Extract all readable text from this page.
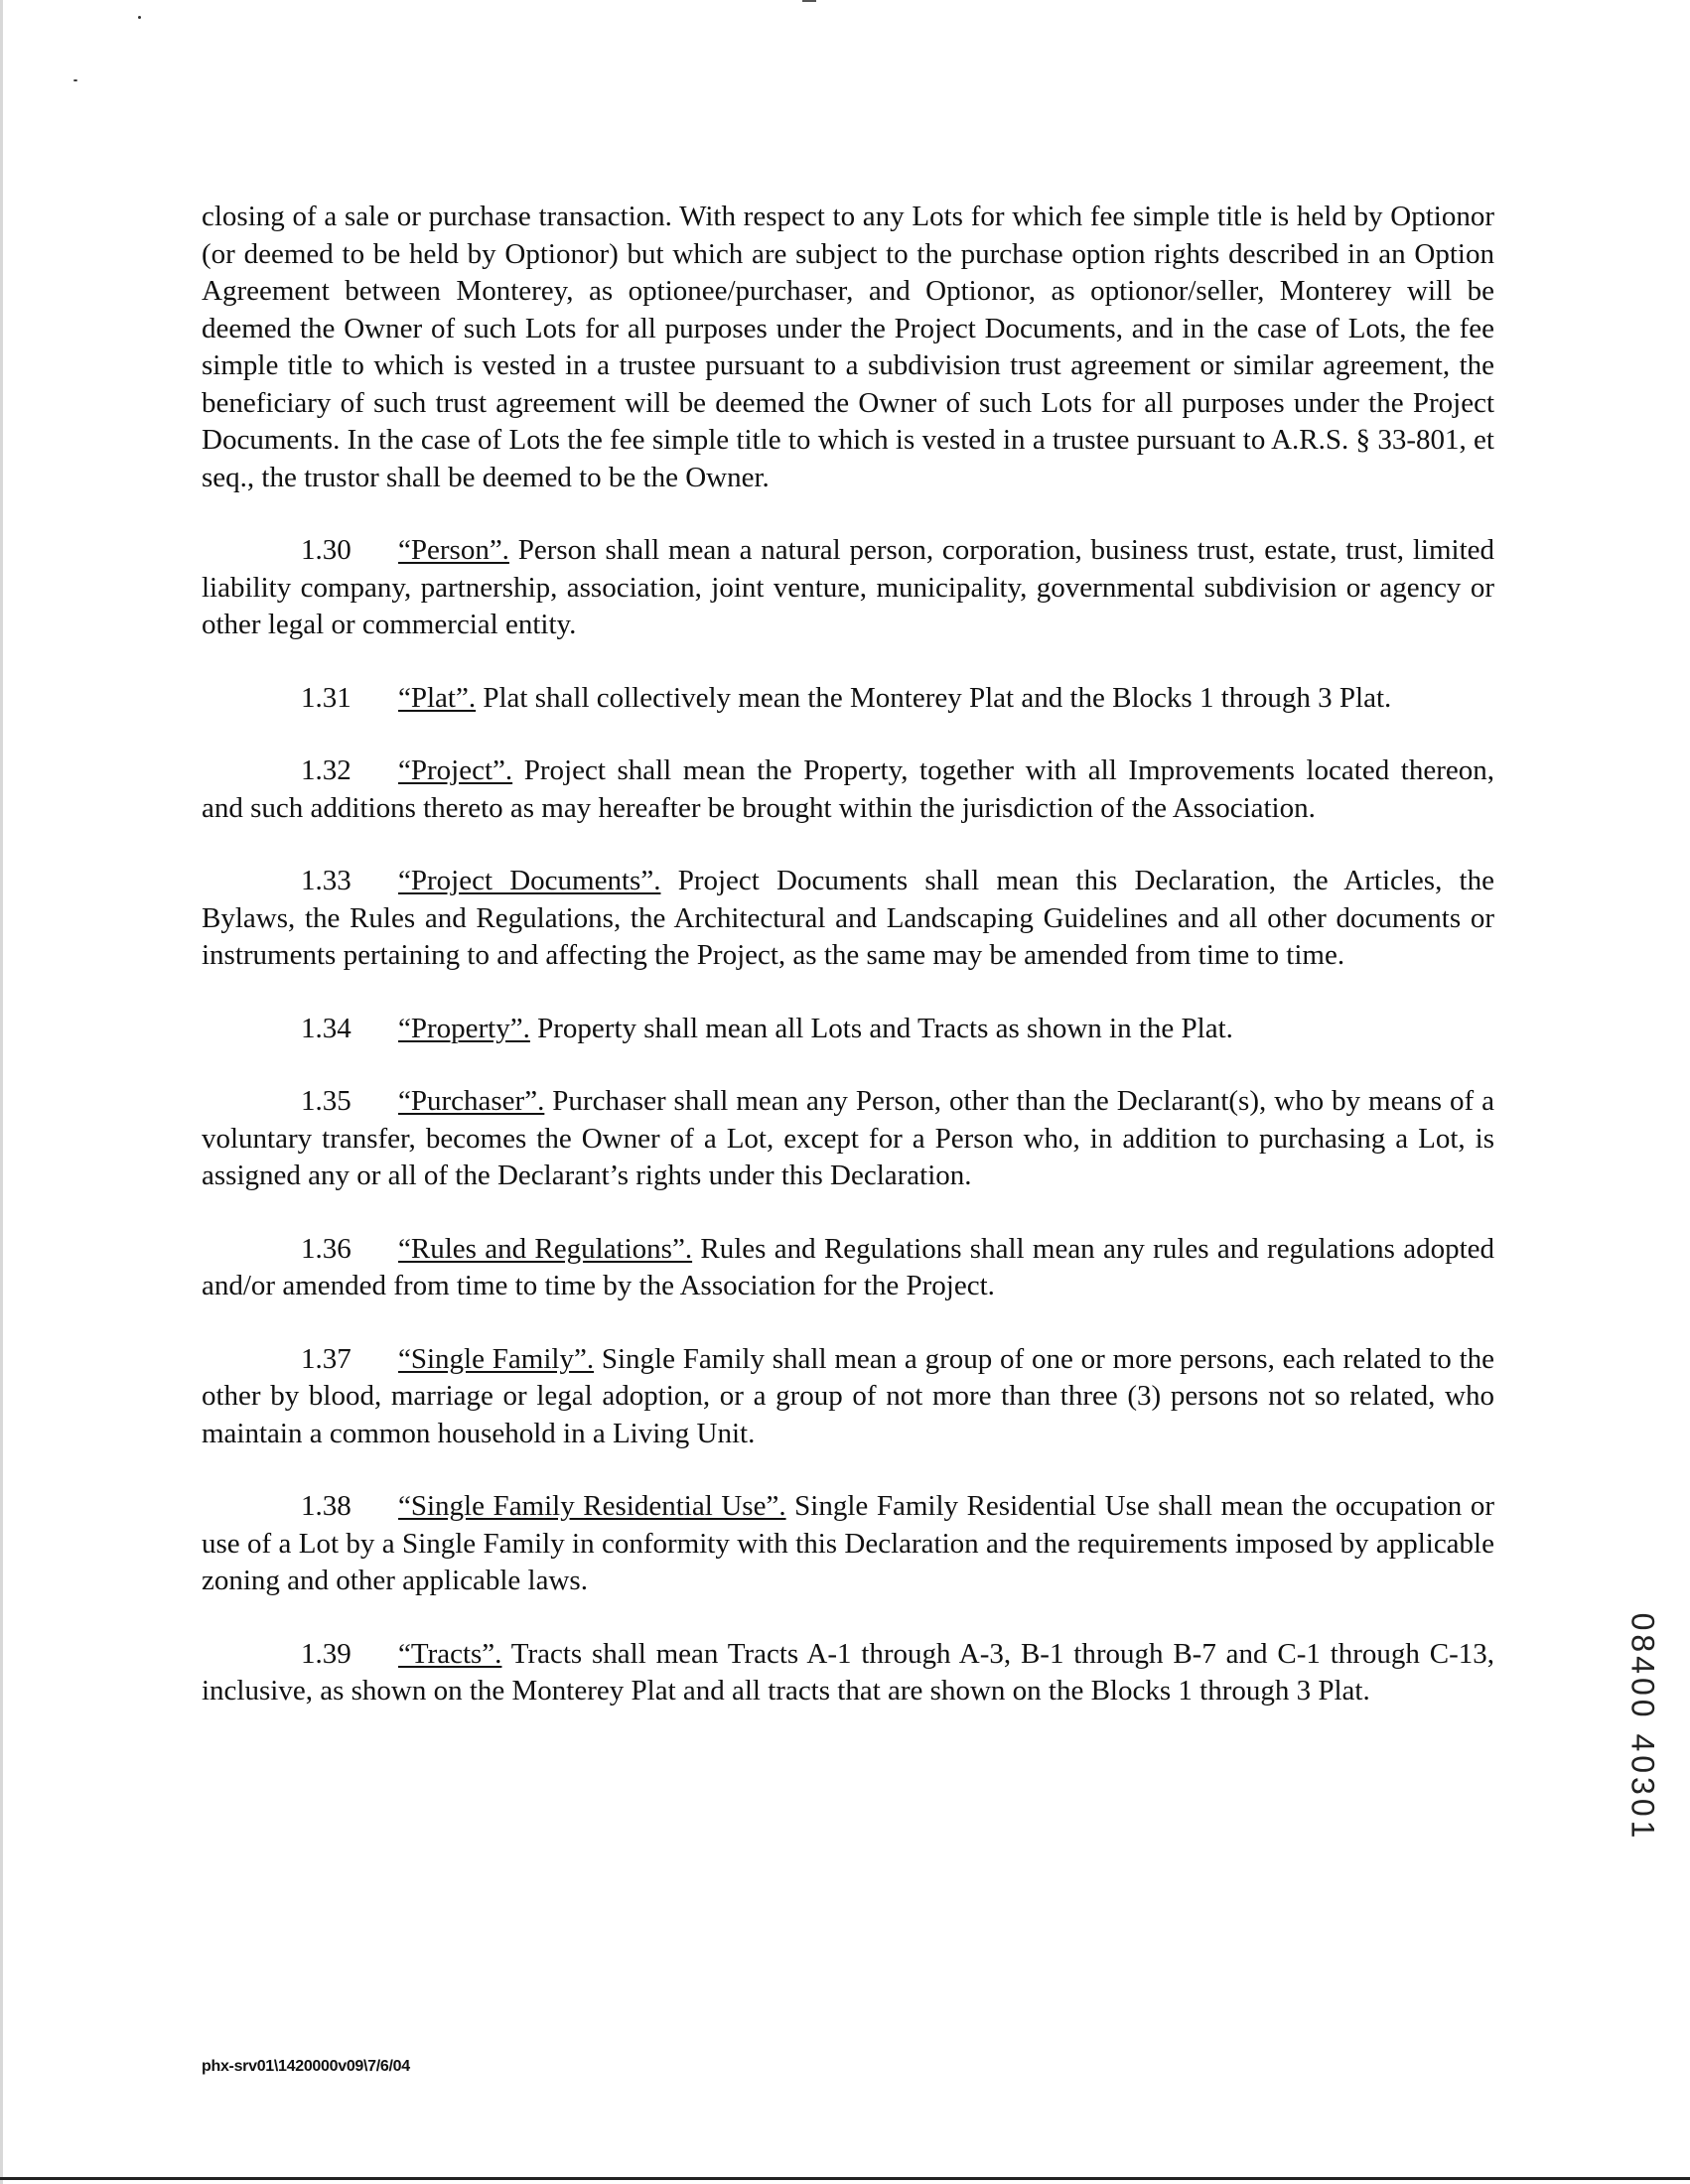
closing of a sale or purchase transaction. With respect to any Lots for which fee simple title is held by Optionor (or deemed to be held by Optionor) but which are subject to the purchase option rights described in an Option Agreement between Monterey, as optionee/purchaser, and Optionor, as optionor/seller, Monterey will be deemed the Owner of such Lots for all purposes under the Project Documents, and in the case of Lots, the fee simple title to which is vested in a trustee pursuant to a subdivision trust agreement or similar agreement, the beneficiary of such trust agreement will be deemed the Owner of such Lots for all purposes under the Project Documents. In the case of Lots the fee simple title to which is vested in a trustee pursuant to A.R.S. § 33-801, et seq., the trustor shall be deemed to be the Owner.

1.30 “Person”. Person shall mean a natural person, corporation, business trust, estate, trust, limited liability company, partnership, association, joint venture, municipality, governmental subdivision or agency or other legal or commercial entity.

1.31 “Plat”. Plat shall collectively mean the Monterey Plat and the Blocks 1 through 3 Plat.

1.32 “Project”. Project shall mean the Property, together with all Improvements located thereon, and such additions thereto as may hereafter be brought within the jurisdiction of the Association.

1.33 “Project Documents”. Project Documents shall mean this Declaration, the Articles, the Bylaws, the Rules and Regulations, the Architectural and Landscaping Guidelines and all other documents or instruments pertaining to and affecting the Project, as the same may be amended from time to time.

1.34 “Property”. Property shall mean all Lots and Tracts as shown in the Plat.

1.35 “Purchaser”. Purchaser shall mean any Person, other than the Declarant(s), who by means of a voluntary transfer, becomes the Owner of a Lot, except for a Person who, in addition to purchasing a Lot, is assigned any or all of the Declarant’s rights under this Declaration.

1.36 “Rules and Regulations”. Rules and Regulations shall mean any rules and regulations adopted and/or amended from time to time by the Association for the Project.

1.37 “Single Family”. Single Family shall mean a group of one or more persons, each related to the other by blood, marriage or legal adoption, or a group of not more than three (3) persons not so related, who maintain a common household in a Living Unit.

1.38 “Single Family Residential Use”. Single Family Residential Use shall mean the occupation or use of a Lot by a Single Family in conformity with this Declaration and the requirements imposed by applicable zoning and other applicable laws.

1.39 “Tracts”. Tracts shall mean Tracts A-1 through A-3, B-1 through B-7 and C-1 through C-13, inclusive, as shown on the Monterey Plat and all tracts that are shown on the Blocks 1 through 3 Plat.	08400 40301
phx-srv01\1420000v09\7/6/04
